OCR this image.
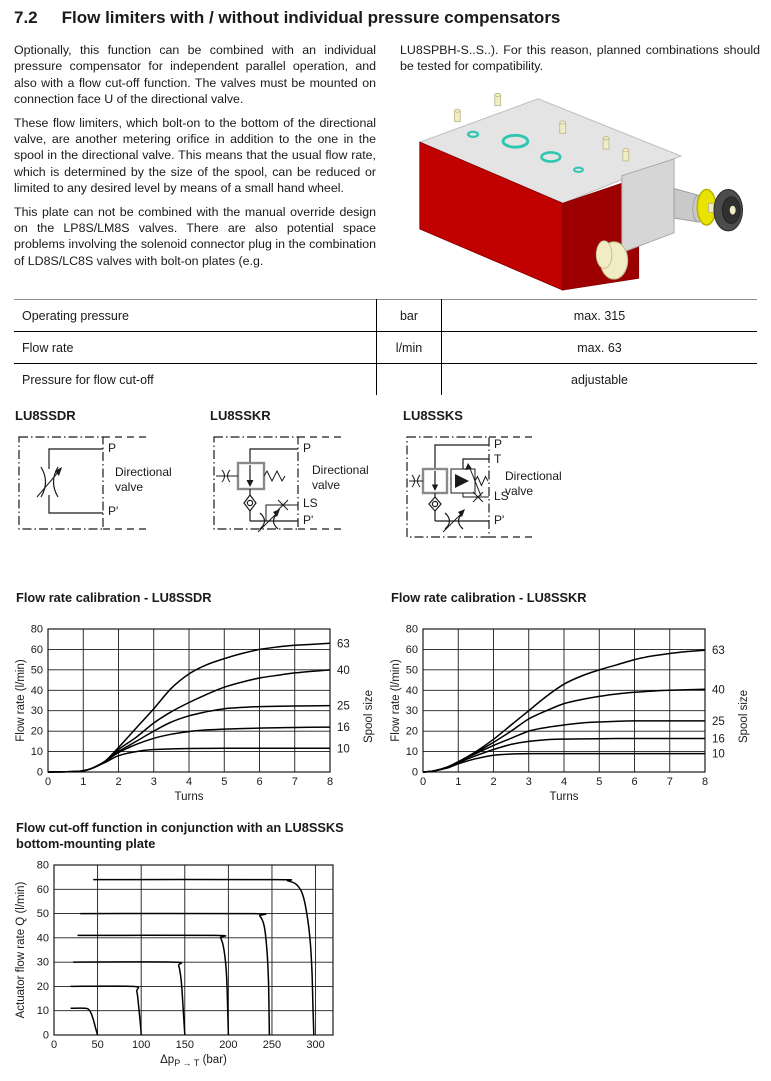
7.2 Flow limiters with / without individual pressure compensators

Optionally, this function can be combined with an individual pressure compensator for independent parallel operation, and also with a flow cut-off function. The valves must be mounted on connection face U of the directional valve.

These flow limiters, which bolt-on to the bottom of the directional valve, are another metering orifice in addition to the one in the spool in the directional valve. This means that the usual flow rate, which is determined by the size of the spool, can be reduced or limited to any desired level by means of a small hand wheel.

This plate can not be combined with the manual override design on the LP8S/LM8S valves. There are also potential space problems involving the solenoid connector plug in the combination of LD8S/LC8S valves with bolt-on plates (e.g.

LU8SPBH-S..S..). For this reason, planned combinations should be tested for compatibility.

Operating pressure	bar	max. 315
Flow rate	l/min	max. 63
Pressure for flow cut-off		adjustable
LU8SSDR
P
Directional valve
P'
LU8SSKR
P
Directional valve
LS
P'
LU8SSKS
P
T
Directional valve
LS
P'
Flow rate calibration - LU8SSDR
0	1	2	3	4	5	6	7	8
0
10
20
30
40
50
60
80
63
40
25
16
10
Flow rate (l/min)
Turns
Spool size
Flow rate calibration - LU8SSKR
0	1	2	3	4	5	6	7	8
0
10
20
30
40
50
60
80
63
40
25
16
10
Flow rate (l/min)
Turns
Spool size
Flow cut-off function in conjunction with an LU8SSKS bottom-mounting plate
0	50	100 150 200 250 300
0
10
20
30
40
50
60
80
Actuator flow rate Q (l/min)
$\Delta p_{P \to T}$ (bar)
